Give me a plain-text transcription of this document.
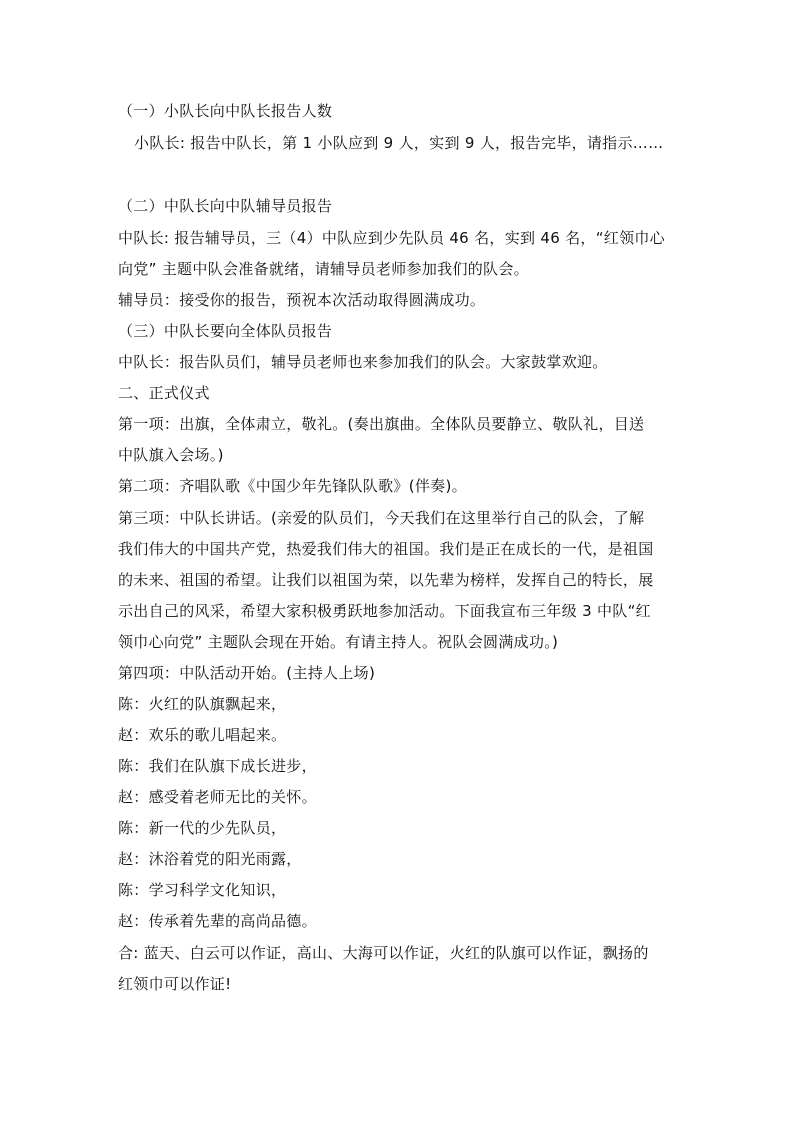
（一）小队长向中队长报告人数
小队长: 报告中队长，第 1 小队应到 9 人，实到 9 人，报告完毕，请指示……
（二）中队长向中队辅导员报告
中队长: 报告辅导员，三（4）中队应到少先队员 46 名，实到 46 名，“红领巾心
向党” 主题中队会准备就绪，请辅导员老师参加我们的队会。
辅导员：接受你的报告，预祝本次活动取得圆满成功。
（三）中队长要向全体队员报告
中队长：报告队员们，辅导员老师也来参加我们的队会。大家鼓掌欢迎。
二、正式仪式
第一项：出旗，全体肃立，敬礼。(奏出旗曲。全体队员要静立、敬队礼，目送
中队旗入会场。)
第二项：齐唱队歌《中国少年先锋队队歌》(伴奏)。
第三项：中队长讲话。(亲爱的队员们，今天我们在这里举行自己的队会，了解
我们伟大的中国共产党，热爱我们伟大的祖国。我们是正在成长的一代，是祖国
的未来、祖国的希望。让我们以祖国为荣，以先辈为榜样，发挥自己的特长，展
示出自己的风采，希望大家积极勇跃地参加活动。下面我宣布三年级 3 中队“红
领巾心向党” 主题队会现在开始。有请主持人。祝队会圆满成功。)
第四项：中队活动开始。(主持人上场)
陈：火红的队旗飘起来，
赵：欢乐的歌儿唱起来。
陈：我们在队旗下成长进步，
赵：感受着老师无比的关怀。
陈：新一代的少先队员，
赵：沐浴着党的阳光雨露，
陈：学习科学文化知识，
赵：传承着先辈的高尚品德。
合: 蓝天、白云可以作证，高山、大海可以作证，火红的队旗可以作证，飘扬的
红领巾可以作证!
